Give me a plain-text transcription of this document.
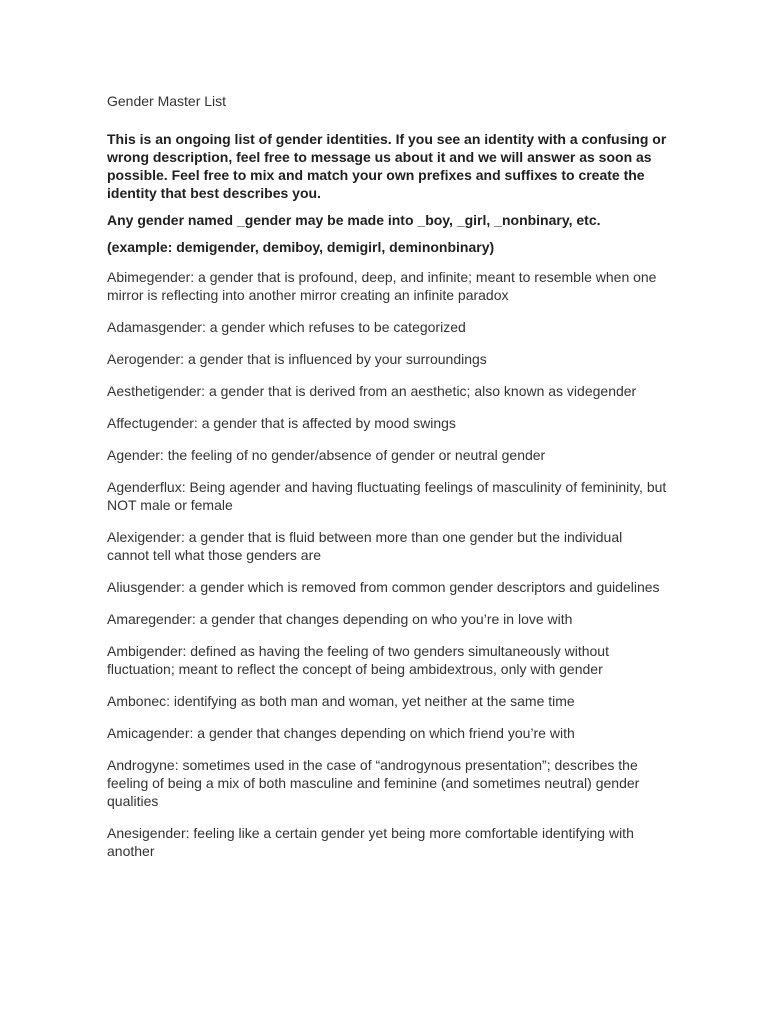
Gender Master List

This is an ongoing list of gender identities. If you see an identity with a confusing or wrong description, feel free to message us about it and we will answer as soon as possible. Feel free to mix and match your own prefixes and suffixes to create the identity that best describes you.

Any gender named _gender may be made into _boy, _girl, _nonbinary, etc.

(example: demigender, demiboy, demigirl, deminonbinary)

Abimegender: a gender that is profound, deep, and infinite; meant to resemble when one mirror is reflecting into another mirror creating an infinite paradox
Adamasgender: a gender which refuses to be categorized
Aerogender: a gender that is influenced by your surroundings
Aesthetigender: a gender that is derived from an aesthetic; also known as videgender
Affectugender: a gender that is affected by mood swings
Agender: the feeling of no gender/absence of gender or neutral gender
Agenderflux: Being agender and having fluctuating feelings of masculinity of femininity, but NOT male or female
Alexigender: a gender that is fluid between more than one gender but the individual cannot tell what those genders are
Aliusgender: a gender which is removed from common gender descriptors and guidelines
Amaregender: a gender that changes depending on who you’re in love with
Ambigender: defined as having the feeling of two genders simultaneously without fluctuation; meant to reflect the concept of being ambidextrous, only with gender
Ambonec: identifying as both man and woman, yet neither at the same time
Amicagender: a gender that changes depending on which friend you’re with
Androgyne: sometimes used in the case of “androgynous presentation”; describes the feeling of being a mix of both masculine and feminine (and sometimes neutral) gender qualities
Anesigender: feeling like a certain gender yet being more comfortable identifying with another
